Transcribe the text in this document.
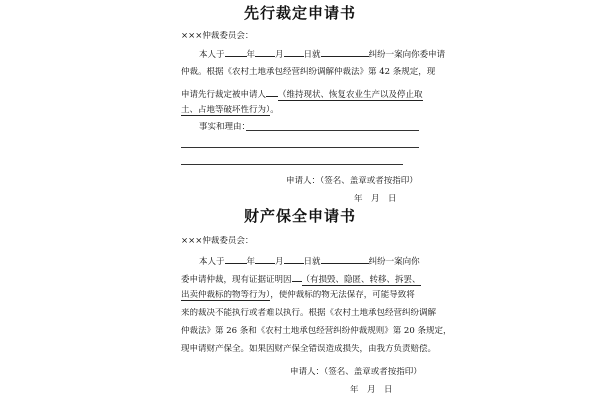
先行裁定申请书
×××仲裁委员会：
本人于	年 月 日就	纠纷一案向你委申请
仲裁。根据《农村土地承包经营纠纷调解仲裁法》第 42 条规定，现
申请先行裁定被申请人 （维持现状、恢复农业生产以及停止取
土、占地等破坏性行为）。
事实和理由：
申请人：（签名、盖章或者按指印）
年　月　日
财产保全申请书
×××仲裁委员会：
本人于	年 月 日就	纠纷一案向你
委申请仲裁，现有证据证明因 （有损毁、隐匿、转移、拆罢、
出卖仲裁标的物等行为），使仲裁标的物无法保存，可能导致将
来的裁决不能执行或者难以执行。根据《农村土地承包经营纠纷调解
仲裁法》第 26 条和《农村土地承包经营纠纷仲裁规则》第 20 条规定，
现申请财产保全。如果因财产保全错误造成损失，由我方负责赔偿。
申请人：（签名、盖章或者按指印）
年　月　日
